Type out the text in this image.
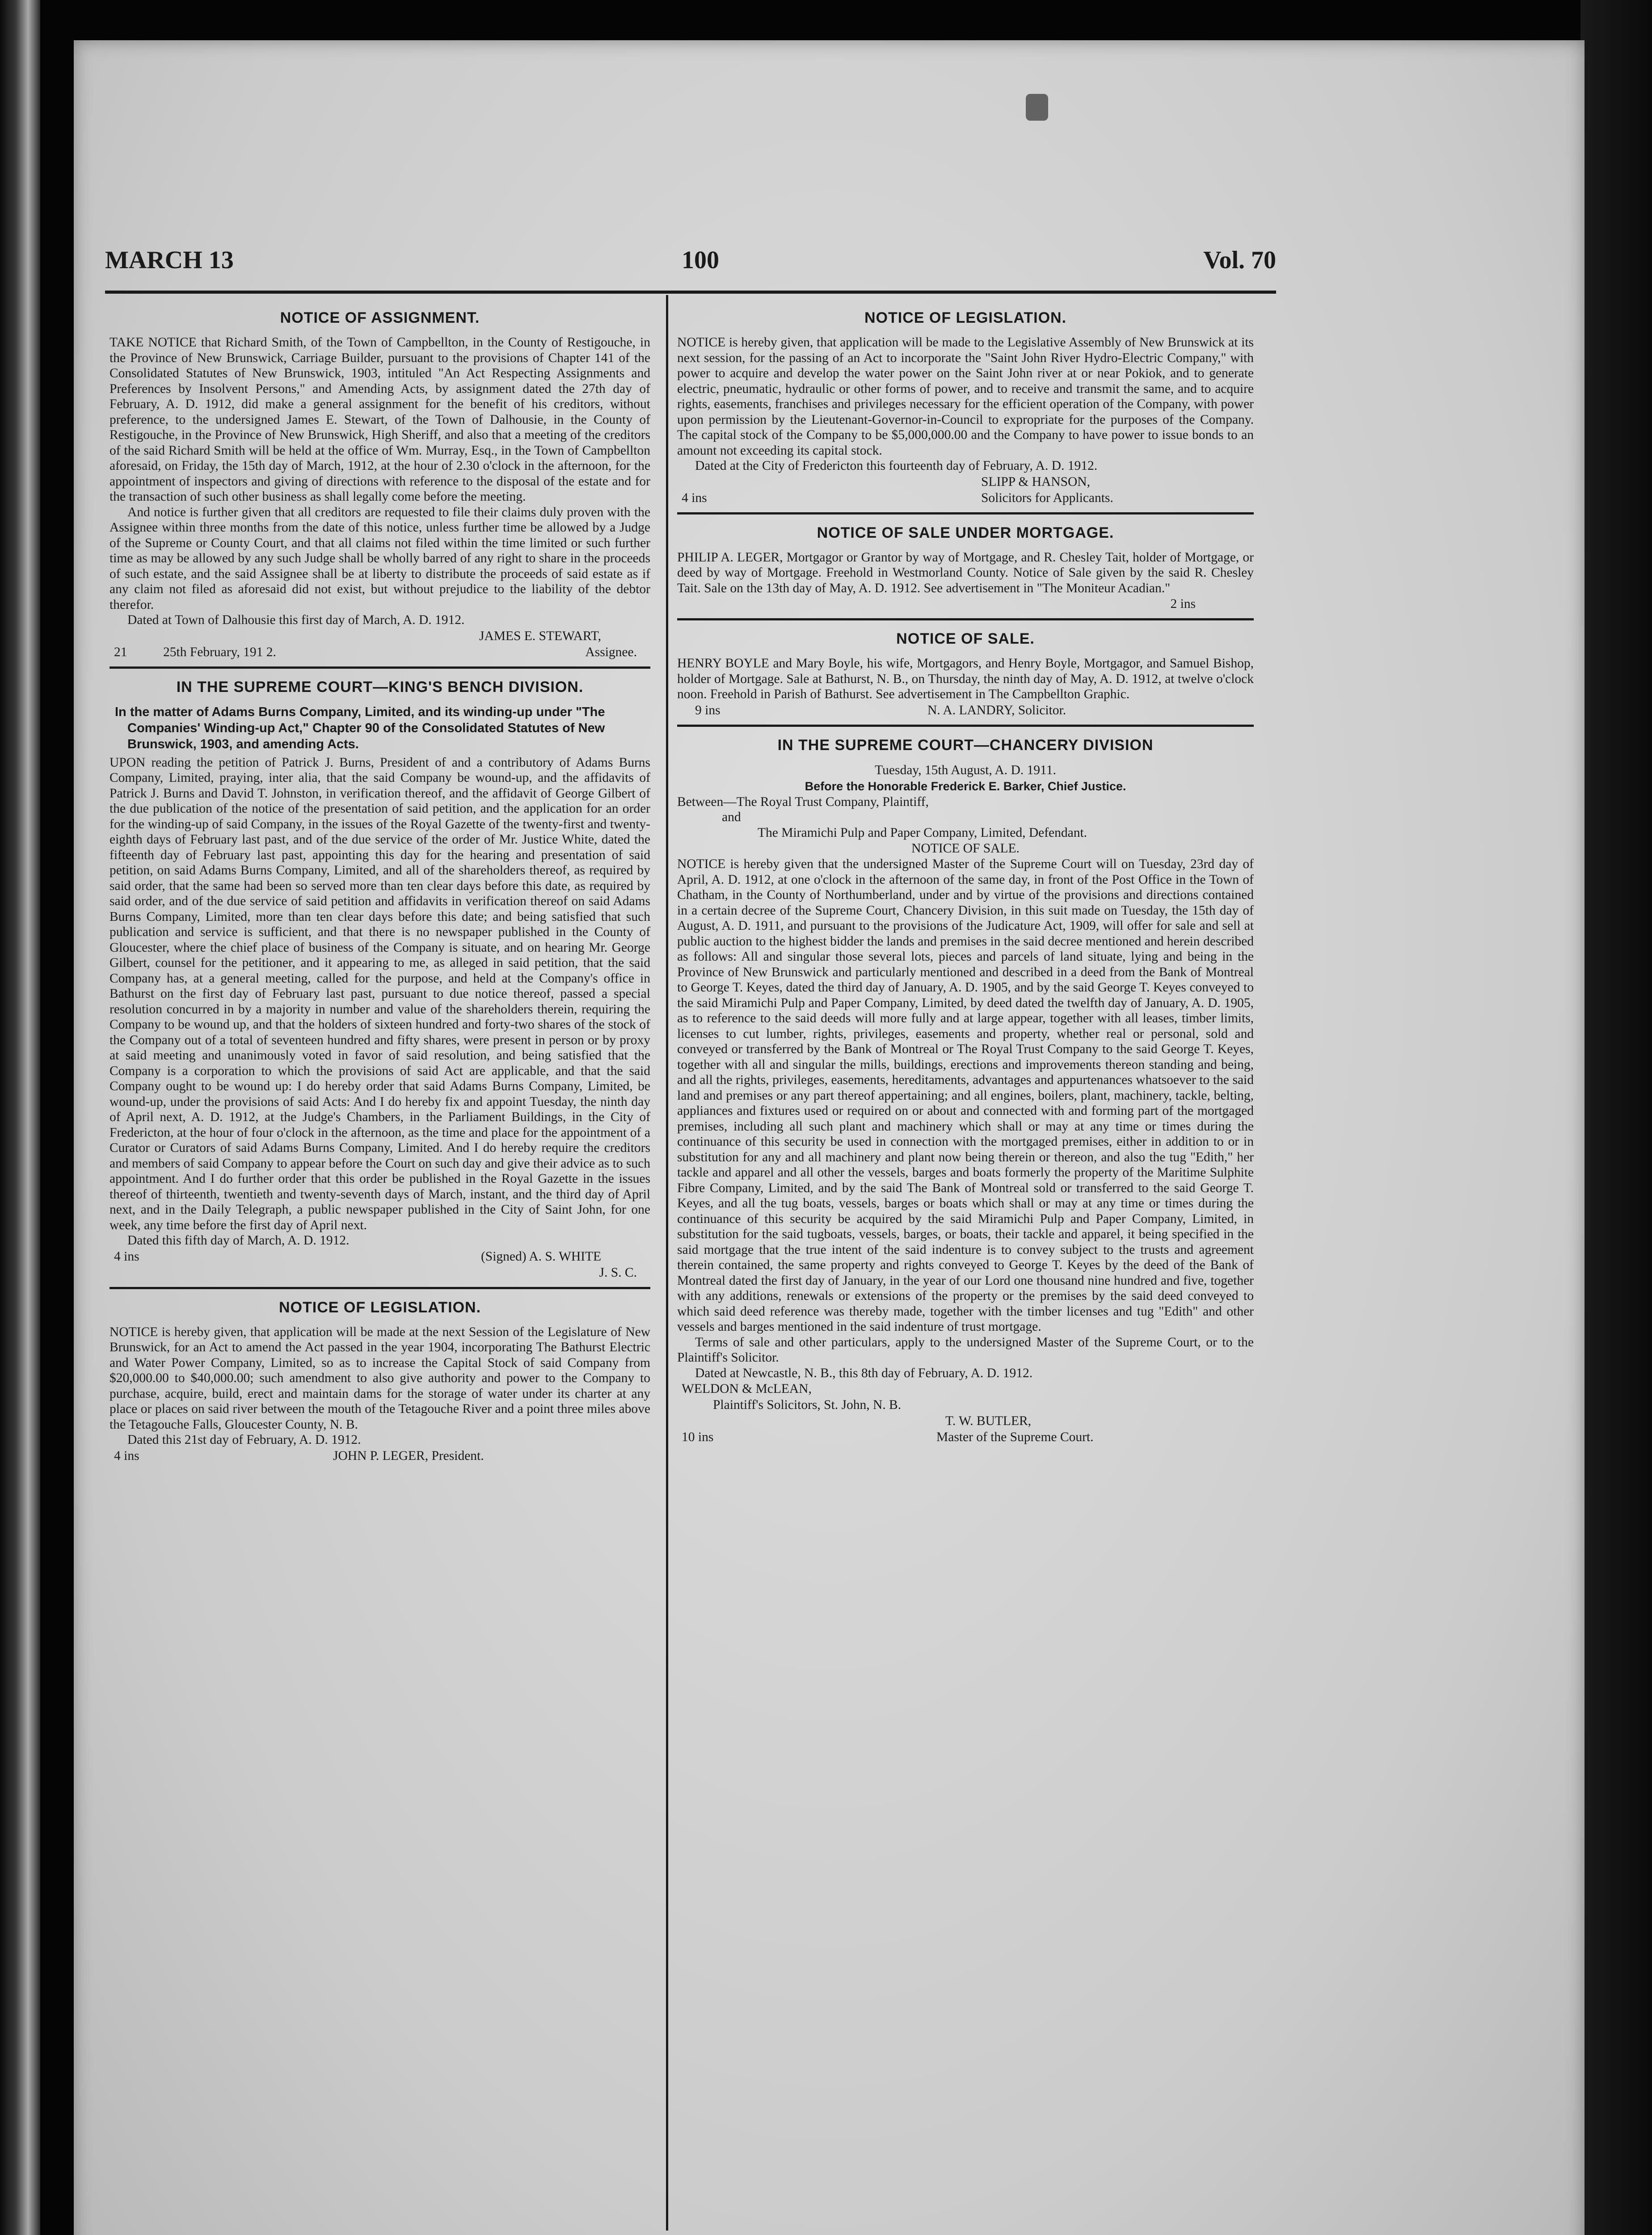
MARCH 13	100	Vol. 70
NOTICE OF ASSIGNMENT.

TAKE NOTICE that Richard Smith, of the Town of Campbellton, in the County of Restigouche, in the Province of New Brunswick, Carriage Builder, pursuant to the provisions of Chapter 141 of the Consolidated Statutes of New Brunswick, 1903, intituled "An Act Respecting Assignments and Preferences by Insolvent Persons," and Amending Acts, by assignment dated the 27th day of February, A. D. 1912, did make a general assignment for the benefit of his creditors, without preference, to the undersigned James E. Stewart, of the Town of Dalhousie, in the County of Restigouche, in the Province of New Brunswick, High Sheriff, and also that a meeting of the creditors of the said Richard Smith will be held at the office of Wm. Murray, Esq., in the Town of Campbellton aforesaid, on Friday, the 15th day of March, 1912, at the hour of 2.30 o'clock in the afternoon, for the appointment of inspectors and giving of directions with reference to the disposal of the estate and for the transaction of such other business as shall legally come before the meeting.

And notice is further given that all creditors are requested to file their claims duly proven with the Assignee within three months from the date of this notice, unless further time be allowed by a Judge of the Supreme or County Court, and that all claims not filed within the time limited or such further time as may be allowed by any such Judge shall be wholly barred of any right to share in the proceeds of such estate, and the said Assignee shall be at liberty to distribute the proceeds of said estate as if any claim not filed as aforesaid did not exist, but without prejudice to the liability of the debtor therefor.

Dated at Town of Dalhousie this first day of March, A. D. 1912.

JAMES E. STEWART,
21	25th February, 191 2.	Assignee.
IN THE SUPREME COURT—KING'S BENCH DIVISION.
In the matter of Adams Burns Company, Limited, and its winding-up under "The Companies' Winding-up Act," Chapter 90 of the Consolidated Statutes of New Brunswick, 1903, and amending Acts.

UPON reading the petition of Patrick J. Burns, President of and a contributory of Adams Burns Company, Limited, praying, inter alia, that the said Company be wound-up, and the affidavits of Patrick J. Burns and David T. Johnston, in verification thereof, and the affidavit of George Gilbert of the due publication of the notice of the presentation of said petition, and the application for an order for the winding-up of said Company, in the issues of the Royal Gazette of the twenty-first and twenty-eighth days of February last past, and of the due service of the order of Mr. Justice White, dated the fifteenth day of February last past, appointing this day for the hearing and presentation of said petition, on said Adams Burns Company, Limited, and all of the shareholders thereof, as required by said order, that the same had been so served more than ten clear days before this date, as required by said order, and of the due service of said petition and affidavits in verification thereof on said Adams Burns Company, Limited, more than ten clear days before this date; and being satisfied that such publication and service is sufficient, and that there is no newspaper published in the County of Gloucester, where the chief place of business of the Company is situate, and on hearing Mr. George Gilbert, counsel for the petitioner, and it appearing to me, as alleged in said petition, that the said Company has, at a general meeting, called for the purpose, and held at the Company's office in Bathurst on the first day of February last past, pursuant to due notice thereof, passed a special resolution concurred in by a majority in number and value of the shareholders therein, requiring the Company to be wound up, and that the holders of sixteen hundred and forty-two shares of the stock of the Company out of a total of seventeen hundred and fifty shares, were present in person or by proxy at said meeting and unanimously voted in favor of said resolution, and being satisfied that the Company is a corporation to which the provisions of said Act are applicable, and that the said Company ought to be wound up: I do hereby order that said Adams Burns Company, Limited, be wound-up, under the provisions of said Acts: And I do hereby fix and appoint Tuesday, the ninth day of April next, A. D. 1912, at the Judge's Chambers, in the Parliament Buildings, in the City of Fredericton, at the hour of four o'clock in the afternoon, as the time and place for the appointment of a Curator or Curators of said Adams Burns Company, Limited. And I do hereby require the creditors and members of said Company to appear before the Court on such day and give their advice as to such appointment. And I do further order that this order be published in the Royal Gazette in the issues thereof of thirteenth, twentieth and twenty-seventh days of March, instant, and the third day of April next, and in the Daily Telegraph, a public newspaper published in the City of Saint John, for one week, any time before the first day of April next.

Dated this fifth day of March, A. D. 1912.

4 ins	(Signed) A. S. WHITE
J. S. C.
NOTICE OF LEGISLATION.

NOTICE is hereby given, that application will be made at the next Session of the Legislature of New Brunswick, for an Act to amend the Act passed in the year 1904, incorporating The Bathurst Electric and Water Power Company, Limited, so as to increase the Capital Stock of said Company from $20,000.00 to $40,000.00; such amendment to also give authority and power to the Company to purchase, acquire, build, erect and maintain dams for the storage of water under its charter at any place or places on said river between the mouth of the Tetagouche River and a point three miles above the Tetagouche Falls, Gloucester County, N. B.

Dated this 21st day of February, A. D. 1912.

4 ins	JOHN P. LEGER, President.
NOTICE OF LEGISLATION.

NOTICE is hereby given, that application will be made to the Legislative Assembly of New Brunswick at its next session, for the passing of an Act to incorporate the "Saint John River Hydro-Electric Company," with power to acquire and develop the water power on the Saint John river at or near Pokiok, and to generate electric, pneumatic, hydraulic or other forms of power, and to receive and transmit the same, and to acquire rights, easements, franchises and privileges necessary for the efficient operation of the Company, with power upon permission by the Lieutenant-Governor-in-Council to expropriate for the purposes of the Company. The capital stock of the Company to be $5,000,000.00 and the Company to have power to issue bonds to an amount not exceeding its capital stock.

Dated at the City of Fredericton this fourteenth day of February, A. D. 1912.

SLIPP & HANSON,
4 ins	Solicitors for Applicants.
NOTICE OF SALE UNDER MORTGAGE.

PHILIP A. LEGER, Mortgagor or Grantor by way of Mortgage, and R. Chesley Tait, holder of Mortgage, or deed by way of Mortgage. Freehold in Westmorland County. Notice of Sale given by the said R. Chesley Tait. Sale on the 13th day of May, A. D. 1912. See advertisement in "The Moniteur Acadian."

2 ins
NOTICE OF SALE.

HENRY BOYLE and Mary Boyle, his wife, Mortgagors, and Henry Boyle, Mortgagor, and Samuel Bishop, holder of Mortgage. Sale at Bathurst, N. B., on Thursday, the ninth day of May, A. D. 1912, at twelve o'clock noon. Freehold in Parish of Bathurst. See advertisement in The Campbellton Graphic.

9 ins	N. A. LANDRY, Solicitor.
IN THE SUPREME COURT—CHANCERY DIVISION
Tuesday, 15th August, A. D. 1911.
Before the Honorable Frederick E. Barker, Chief Justice.
Between—The Royal Trust Company, Plaintiff,
and
The Miramichi Pulp and Paper Company, Limited, Defendant.
NOTICE OF SALE.

NOTICE is hereby given that the undersigned Master of the Supreme Court will on Tuesday, 23rd day of April, A. D. 1912, at one o'clock in the afternoon of the same day, in front of the Post Office in the Town of Chatham, in the County of Northumberland, under and by virtue of the provisions and directions contained in a certain decree of the Supreme Court, Chancery Division, in this suit made on Tuesday, the 15th day of August, A. D. 1911, and pursuant to the provisions of the Judicature Act, 1909, will offer for sale and sell at public auction to the highest bidder the lands and premises in the said decree mentioned and herein described as follows: All and singular those several lots, pieces and parcels of land situate, lying and being in the Province of New Brunswick and particularly mentioned and described in a deed from the Bank of Montreal to George T. Keyes, dated the third day of January, A. D. 1905, and by the said George T. Keyes conveyed to the said Miramichi Pulp and Paper Company, Limited, by deed dated the twelfth day of January, A. D. 1905, as to reference to the said deeds will more fully and at large appear, together with all leases, timber limits, licenses to cut lumber, rights, privileges, easements and property, whether real or personal, sold and conveyed or transferred by the Bank of Montreal or The Royal Trust Company to the said George T. Keyes, together with all and singular the mills, buildings, erections and improvements thereon standing and being, and all the rights, privileges, easements, hereditaments, advantages and appurtenances whatsoever to the said land and premises or any part thereof appertaining; and all engines, boilers, plant, machinery, tackle, belting, appliances and fixtures used or required on or about and connected with and forming part of the mortgaged premises, including all such plant and machinery which shall or may at any time or times during the continuance of this security be used in connection with the mortgaged premises, either in addition to or in substitution for any and all machinery and plant now being therein or thereon, and also the tug "Edith," her tackle and apparel and all other the vessels, barges and boats formerly the property of the Maritime Sulphite Fibre Company, Limited, and by the said The Bank of Montreal sold or transferred to the said George T. Keyes, and all the tug boats, vessels, barges or boats which shall or may at any time or times during the continuance of this security be acquired by the said Miramichi Pulp and Paper Company, Limited, in substitution for the said tugboats, vessels, barges, or boats, their tackle and apparel, it being specified in the said mortgage that the true intent of the said indenture is to convey subject to the trusts and agreement therein contained, the same property and rights conveyed to George T. Keyes by the deed of the Bank of Montreal dated the first day of January, in the year of our Lord one thousand nine hundred and five, together with any additions, renewals or extensions of the property or the premises by the said deed conveyed to which said deed reference was thereby made, together with the timber licenses and tug "Edith" and other vessels and barges mentioned in the said indenture of trust mortgage.

Terms of sale and other particulars, apply to the undersigned Master of the Supreme Court, or to the Plaintiff's Solicitor.

Dated at Newcastle, N. B., this 8th day of February, A. D. 1912.

WELDON & McLEAN,
Plaintiff's Solicitors, St. John, N. B.
T. W. BUTLER,
10 ins	Master of the Supreme Court.
